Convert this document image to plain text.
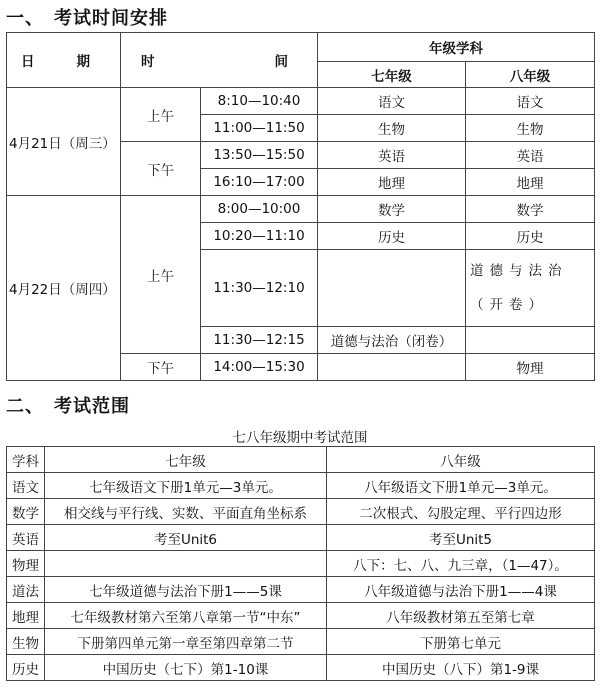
一、 考试时间安排
日 期	时 间		年级学科	
			七年级	八年级
4月21日（周三）	上午	8:10—10:40	语文	语文
		11:00—11:50	生物	生物
	下午	13:50—15:50	英语	英语
		16:10—17:00	地理	地理
4月22日（周四）	上午	8:00—10:00	数学	数学
		10:20—11:10	历史	历史
		11:30—12:10		道德与法治（开卷）
		11:30—12:15	道德与法治（闭卷）	
	下午	14:00—15:30		物理
二、 考试范围
七八年级期中考试范围
学科	七年级	八年级
语文	七年级语文下册1单元—3单元。	八年级语文下册1单元—3单元。
数学	相交线与平行线、实数、平面直角坐标系	二次根式、勾股定理、平行四边形
英语	考至Unit6	考至Unit5
物理		八下：七、八、九三章，（1—47）。
道法	七年级道德与法治下册1——5课	八年级道德与法治下册1——4课
地理	七年级教材第六至第八章第一节“中东”	八年级教材第五至第七章
生物	下册第四单元第一章至第四章第二节	下册第七单元
历史	中国历史（七下）第1-10课	中国历史（八下）第1-9课
